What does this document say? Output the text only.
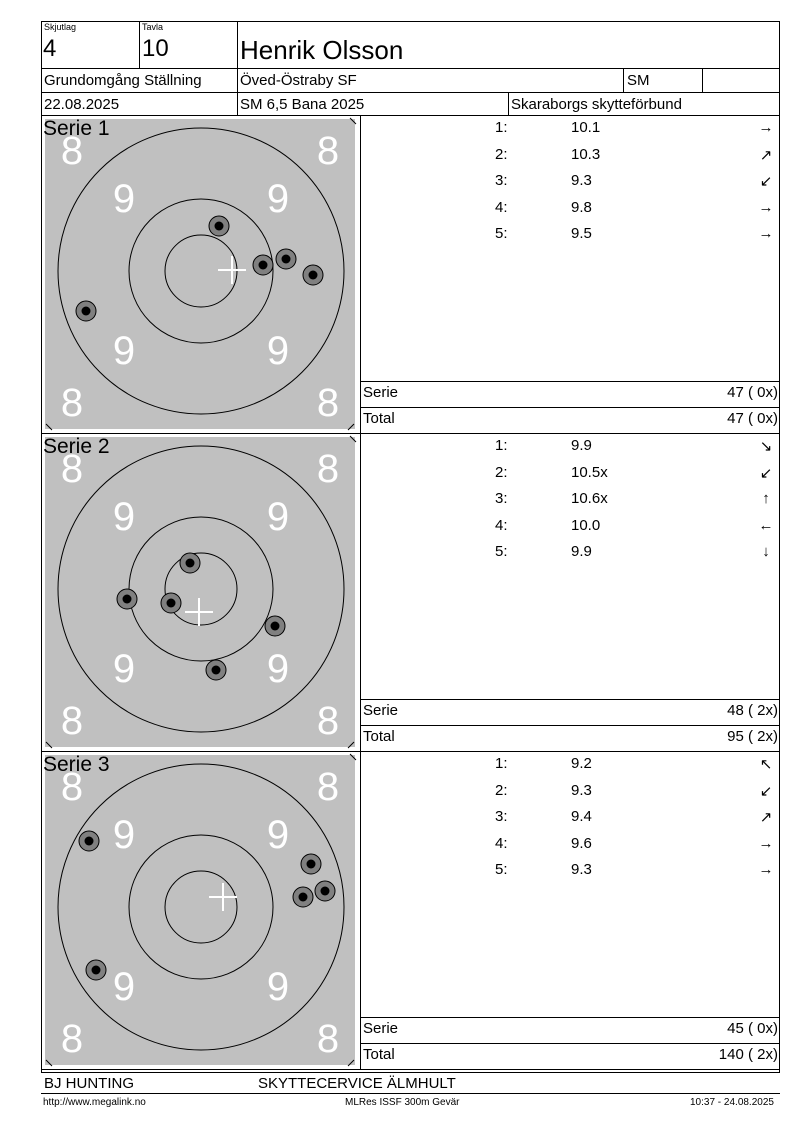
Skjutlag
4
Tavla
10	Henrik Olsson
Grundomgång Ställning	Öved-Östraby SF	SM
22.08.2025	SM 6,5 Bana 2025	Skaraborgs skytteförbund
8	8
9	9
9	9
8	8
Serie 1	1:	10.1	→
2:	10.3	↗
3:	9.3	↙
4:	9.8	→
5:	9.5	→
Serie	47 ( 0x)
Total	47 ( 0x)
8	8
9	9
9	9
8	8
Serie 2	1:	9.9	↘
2:	10.5x	↙
3:	10.6x	↑
4:	10.0	←
5:	9.9	↓
Serie	48 ( 2x)
Total	95 ( 2x)
8	8
9	9
9	9
8	8
Serie 3	1:	9.2	↖
2:	9.3	↙
3:	9.4	↗
4:	9.6	→
5:	9.3	→
Serie	45 ( 0x)
Total	140 ( 2x)
BJ HUNTING	SKYTTECERVICE ÄLMHULT
http://www.megalink.no	MLRes ISSF 300m Gevär	10:37 - 24.08.2025
